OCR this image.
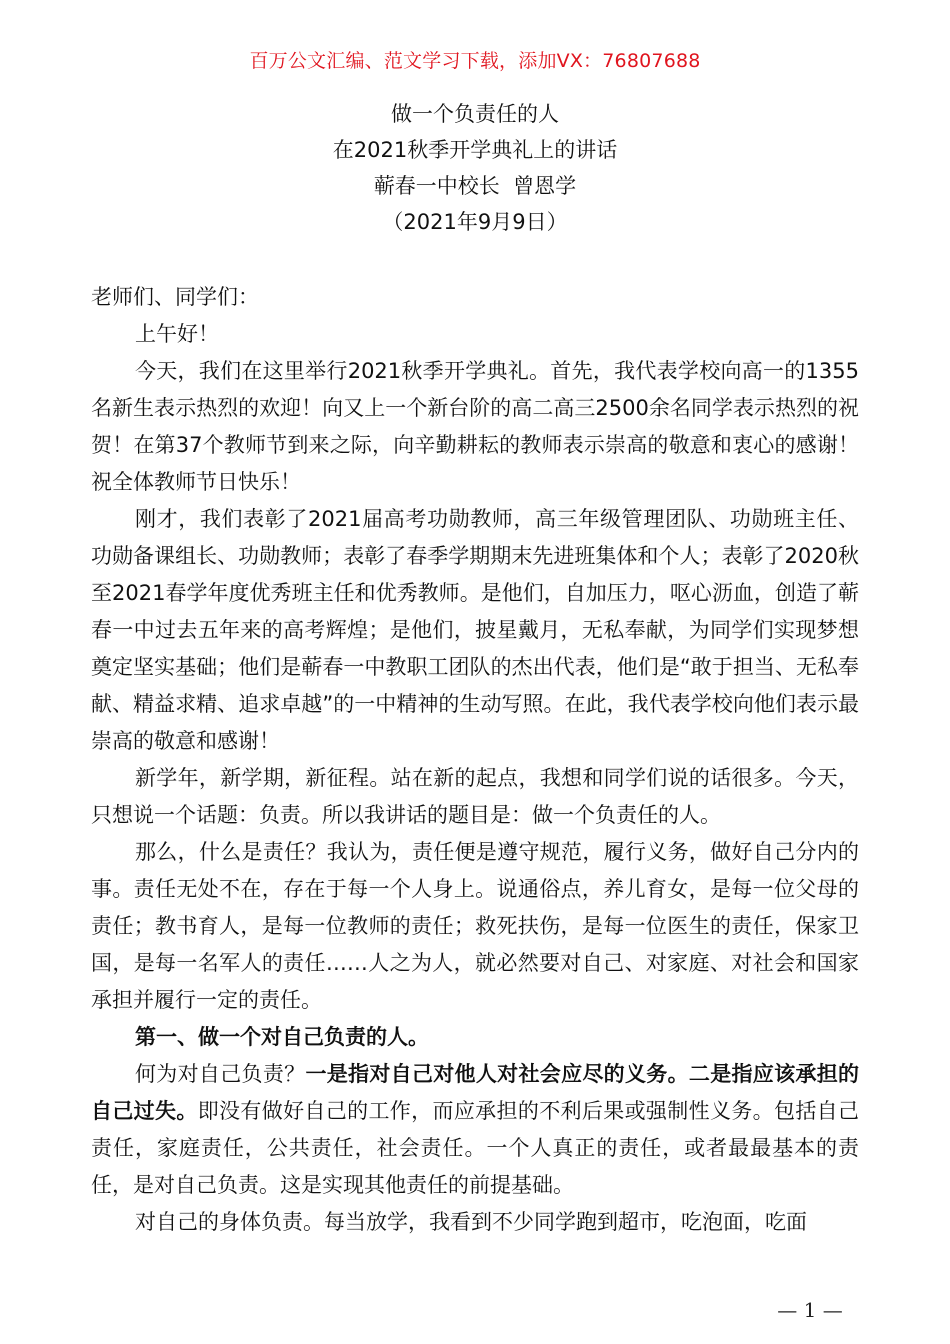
百万公文汇编、范文学习下载，添加VX：76807688
做一个负责任的人
在2021秋季开学典礼上的讲话
蕲春一中校长  曾恩学
（2021年9月9日）

老师们、同学们：

上午好！

今天，我们在这里举行2021秋季开学典礼。首先，我代表学校向高一的1355名新生表示热烈的欢迎！向又上一个新台阶的高二高三2500余名同学表示热烈的祝贺！在第37个教师节到来之际，向辛勤耕耘的教师表示崇高的敬意和衷心的感谢！祝全体教师节日快乐！

刚才，我们表彰了2021届高考功勋教师，高三年级管理团队、功勋班主任、功勋备课组长、功勋教师；表彰了春季学期期末先进班集体和个人；表彰了2020秋至2021春学年度优秀班主任和优秀教师。是他们，自加压力，呕心沥血，创造了蕲春一中过去五年来的高考辉煌；是他们，披星戴月，无私奉献，为同学们实现梦想奠定坚实基础；他们是蕲春一中教职工团队的杰出代表，他们是“敢于担当、无私奉献、精益求精、追求卓越”的一中精神的生动写照。在此，我代表学校向他们表示最崇高的敬意和感谢！

新学年，新学期，新征程。站在新的起点，我想和同学们说的话很多。今天，只想说一个话题：负责。所以我讲话的题目是：做一个负责任的人。

那么，什么是责任？我认为，责任便是遵守规范，履行义务，做好自己分内的事。责任无处不在，存在于每一个人身上。说通俗点，养儿育女，是每一位父母的责任；教书育人，是每一位教师的责任；救死扶伤，是每一位医生的责任，保家卫国，是每一名军人的责任……人之为人，就必然要对自己、对家庭、对社会和国家承担并履行一定的责任。

第一、做一个对自己负责的人。

何为对自己负责？一是指对自己对他人对社会应尽的义务。二是指应该承担的自己过失。即没有做好自己的工作，而应承担的不利后果或强制性义务。包括自己责任，家庭责任，公共责任，社会责任。一个人真正的责任，或者最最基本的责任，是对自己负责。这是实现其他责任的前提基础。

对自己的身体负责。每当放学，我看到不少同学跑到超市，吃泡面，吃面

— 1 —
